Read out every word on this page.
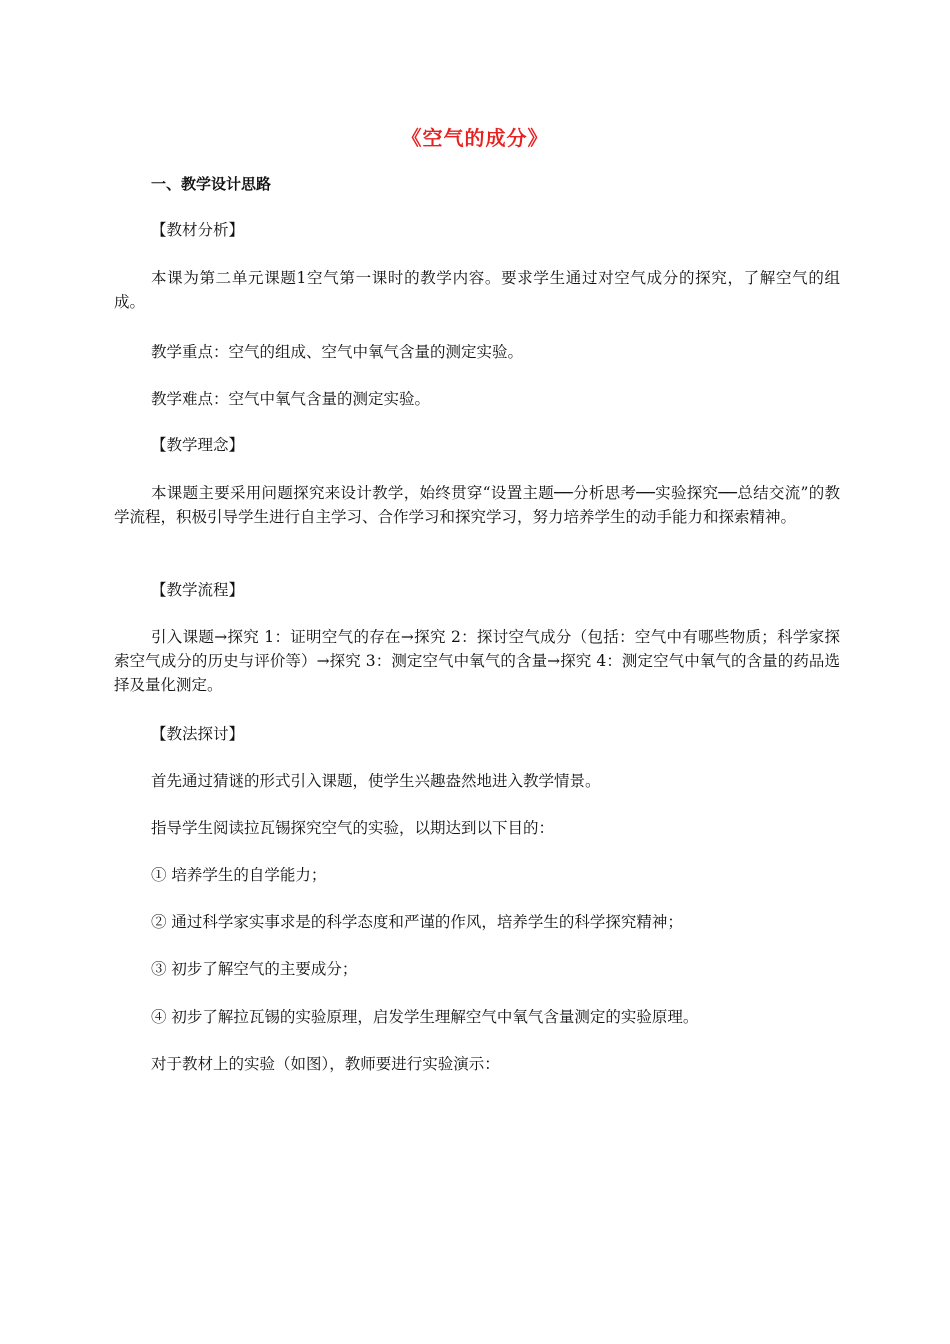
《空气的成分》

一、教学设计思路

【教材分析】

本课为第二单元课题1空气第一课时的教学内容。要求学生通过对空气成分的探究，了解空气的组成。

教学重点：空气的组成、空气中氧气含量的测定实验。

教学难点：空气中氧气含量的测定实验。

【教学理念】

本课题主要采用问题探究来设计教学，始终贯穿“设置主题──分析思考──实验探究──总结交流”的教学流程，积极引导学生进行自主学习、合作学习和探究学习，努力培养学生的动手能力和探索精神。

【教学流程】

引入课题→探究 1：证明空气的存在→探究 2：探讨空气成分（包括：空气中有哪些物质；科学家探索空气成分的历史与评价等）→探究 3：测定空气中氧气的含量→探究 4：测定空气中氧气的含量的药品选择及量化测定。

【教法探讨】

首先通过猜谜的形式引入课题，使学生兴趣盎然地进入教学情景。

指导学生阅读拉瓦锡探究空气的实验，以期达到以下目的：

① 培养学生的自学能力；

② 通过科学家实事求是的科学态度和严谨的作风，培养学生的科学探究精神；

③ 初步了解空气的主要成分；

④ 初步了解拉瓦锡的实验原理，启发学生理解空气中氧气含量测定的实验原理。

对于教材上的实验（如图），教师要进行实验演示：
